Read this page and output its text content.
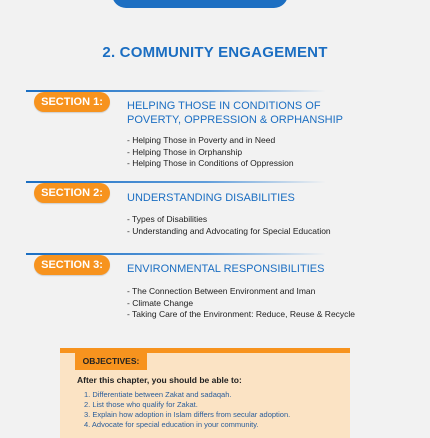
2. COMMUNITY ENGAGEMENT
SECTION 1:	HELPING THOSE IN CONDITIONS OF POVERTY, OPPRESSION & ORPHANSHIP
- Helping Those in Poverty and in Need
- Helping Those in Orphanship
- Helping Those in Conditions of Oppression
SECTION 2:	UNDERSTANDING DISABILITIES
- Types of Disabilities
- Understanding and Advocating for Special Education
SECTION 3:	ENVIRONMENTAL RESPONSIBILITIES
- The Connection Between Environment and Iman
- Climate Change
- Taking Care of the Environment: Reduce, Reuse & Recycle
OBJECTIVES:
After this chapter, you should be able to:
1. Differentiate between Zakat and sadaqah.
2. List those who qualify for Zakat.
3. Explain how adoption in Islam differs from secular adoption.
4. Advocate for special education in your community.
